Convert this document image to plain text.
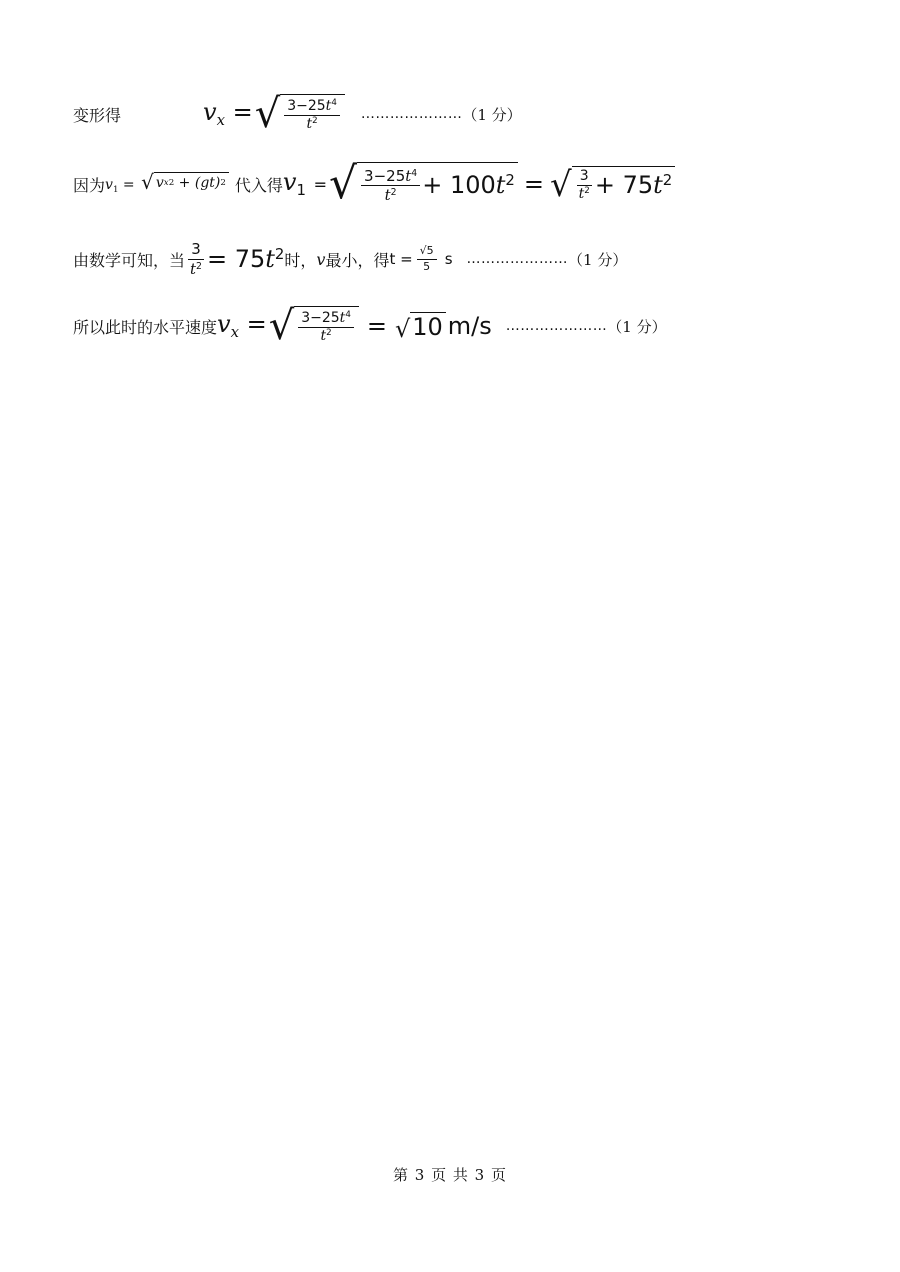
变形得	$v_x$ = √ $\frac{3-25t^4}{t^2}$ ………………… （1 分）
因为 $v_1$ = √ v x 2
+
(gt) 2 代入得 $v_1$ = √ $\frac{3-25t^4}{t^2} + 100t^2$ = √ $\frac{3}{t^2} + 75t^2$
由数学可知，当 $\frac{3}{t^2} = 75t^2$ 时， v 最小，得 $t = \frac{√5}{5}$ s ………………… （1 分）
所以此时的水平速度 $v_x$ = √ $\frac{3-25t^4}{t^2}$ = √ 10 m/s ………………… （1 分）
第 3 页 共 3 页
